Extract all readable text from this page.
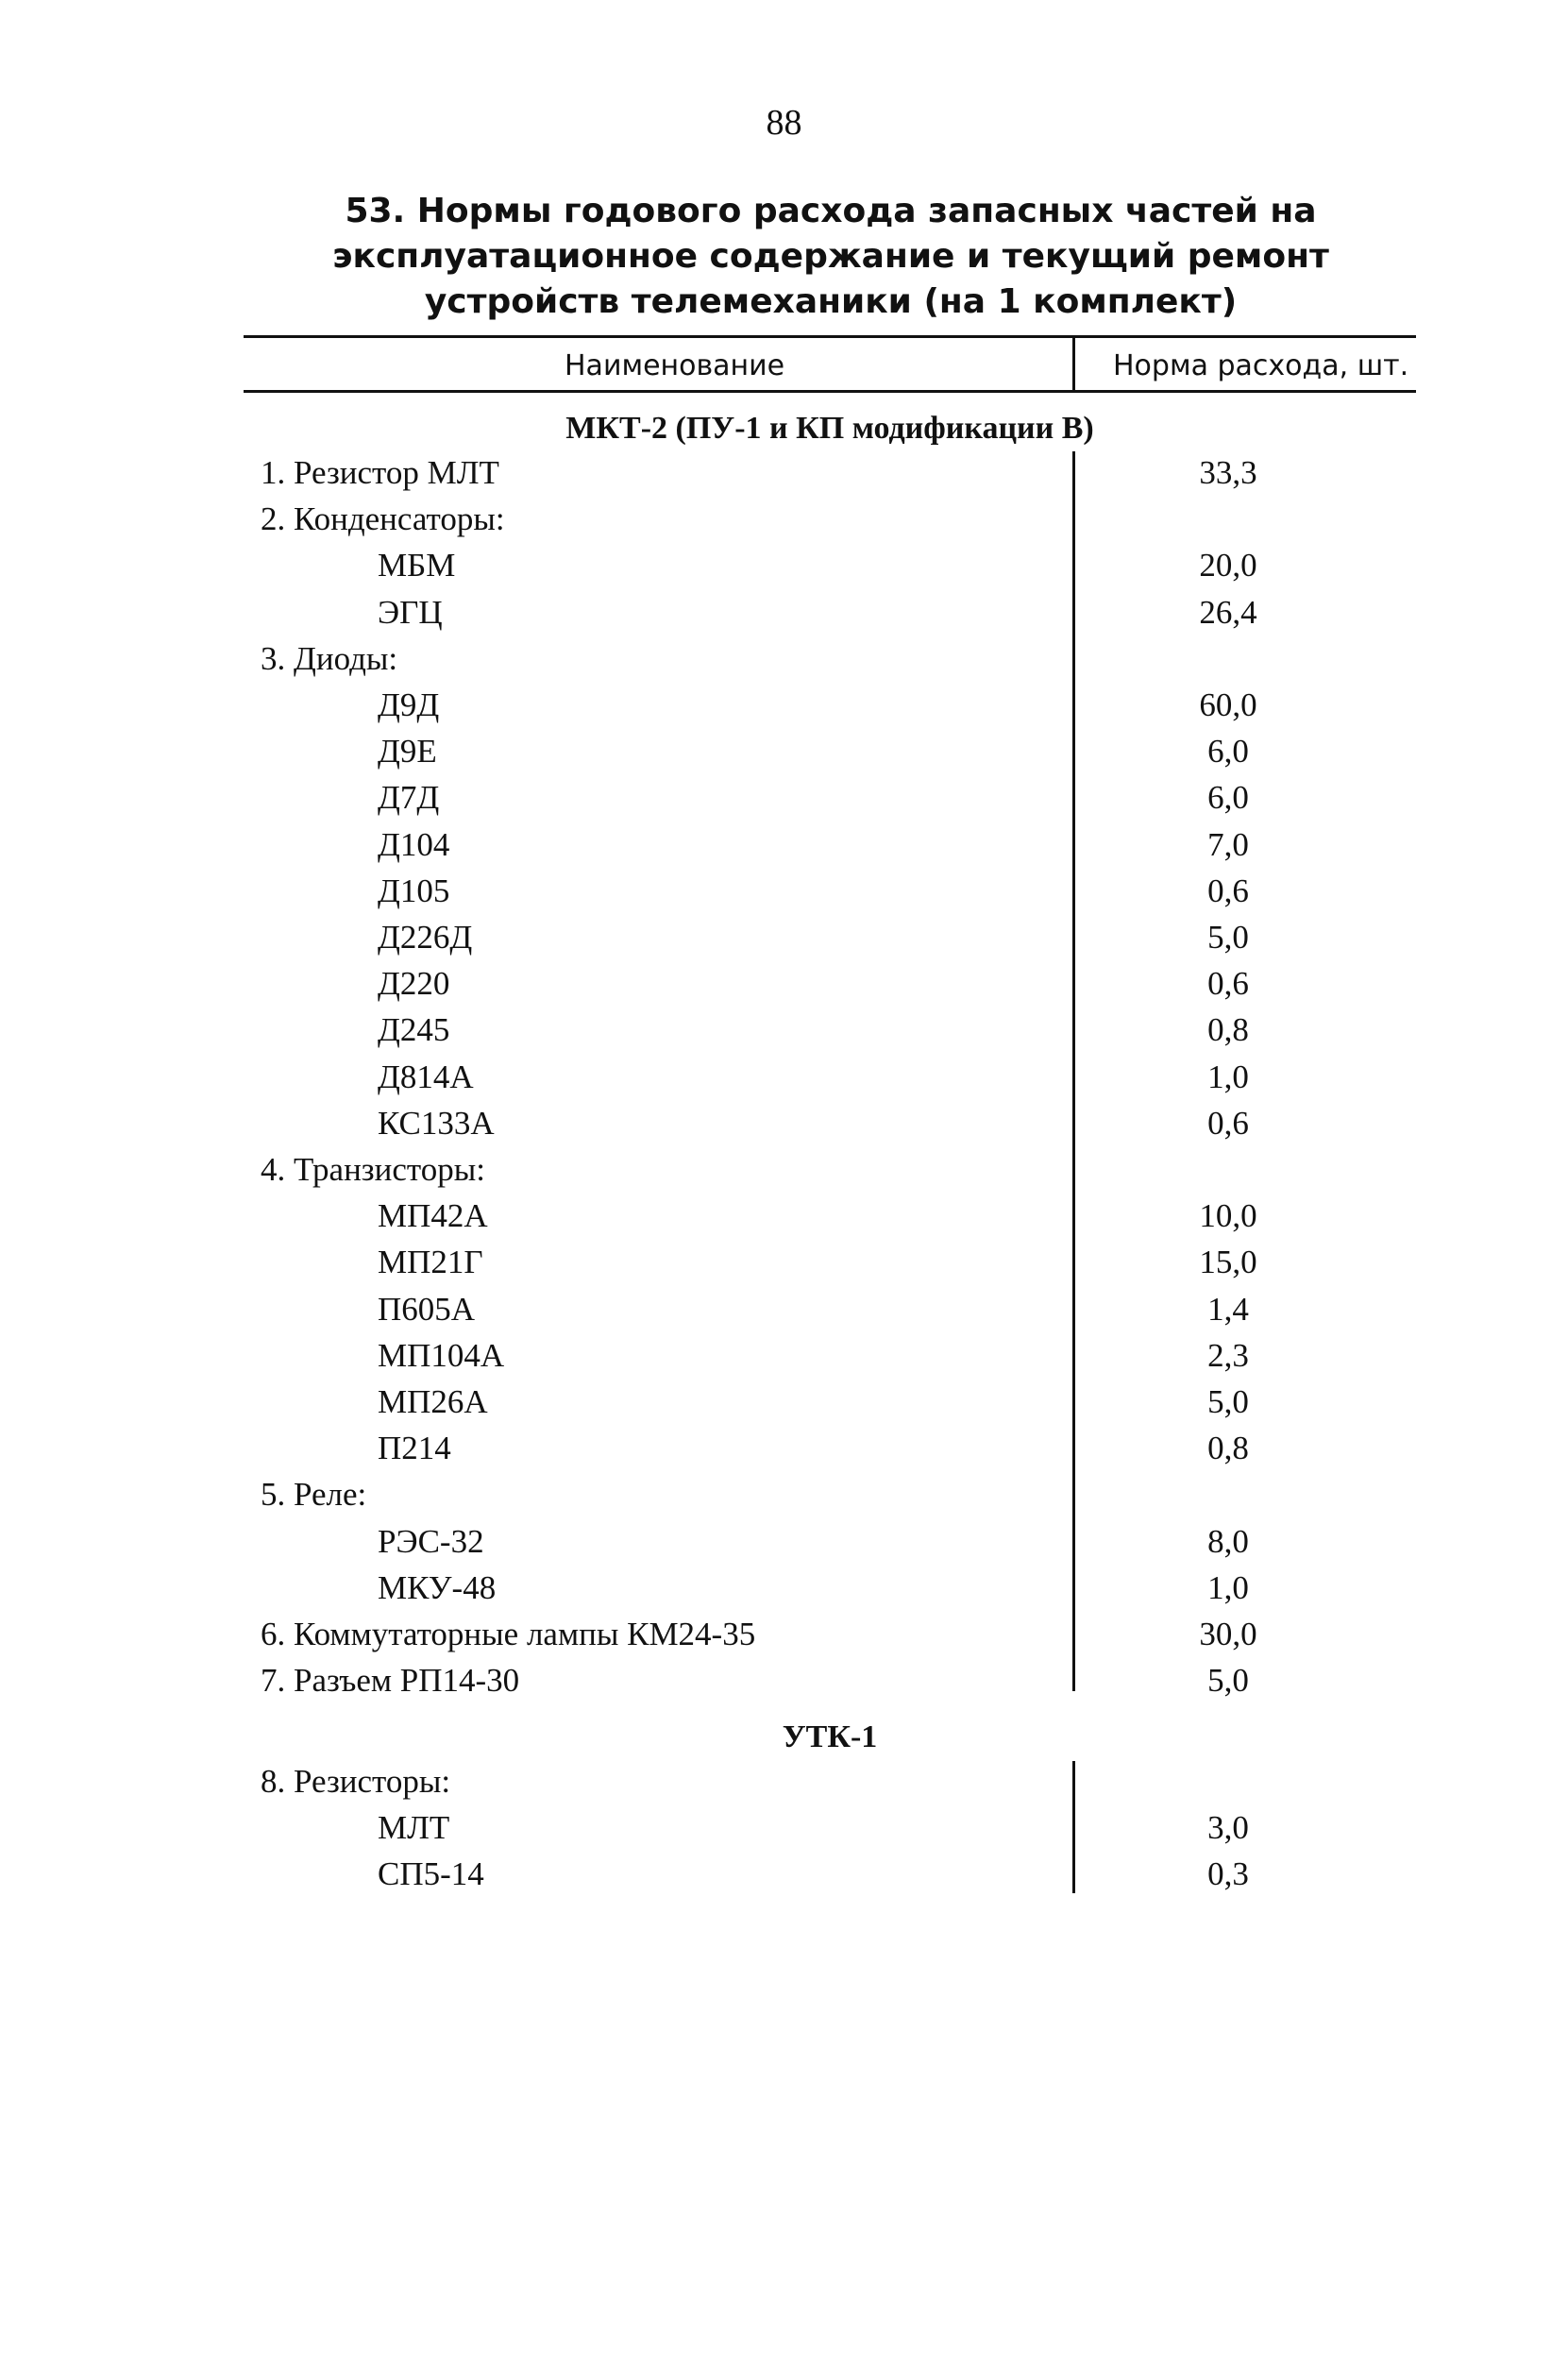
88
53. Нормы годового расхода запасных частей на
эксплуатационное содержание и текущий ремонт
устройств телемеханики (на 1 комплект)
Наименование	Норма расхода, шт.
МКТ-2 (ПУ-1 и КП модификации В)
1. Резистор МЛТ	33,3
2. Конденсаторы:
МБМ	20,0
ЭГЦ	26,4
3. Диоды:
Д9Д	60,0
Д9Е	6,0
Д7Д	6,0
Д104	7,0
Д105	0,6
Д226Д	5,0
Д220	0,6
Д245	0,8
Д814А	1,0
КС133А	0,6
4. Транзисторы:
МП42А	10,0
МП21Г	15,0
П605А	1,4
МП104А	2,3
МП26А	5,0
П214	0,8
5. Реле:
РЭС-32	8,0
МКУ-48	1,0
6. Коммутаторные лампы КМ24-35	30,0
7. Разъем РП14-30	5,0
УТК-1
8. Резисторы:
МЛТ	3,0
СП5-14	0,3
